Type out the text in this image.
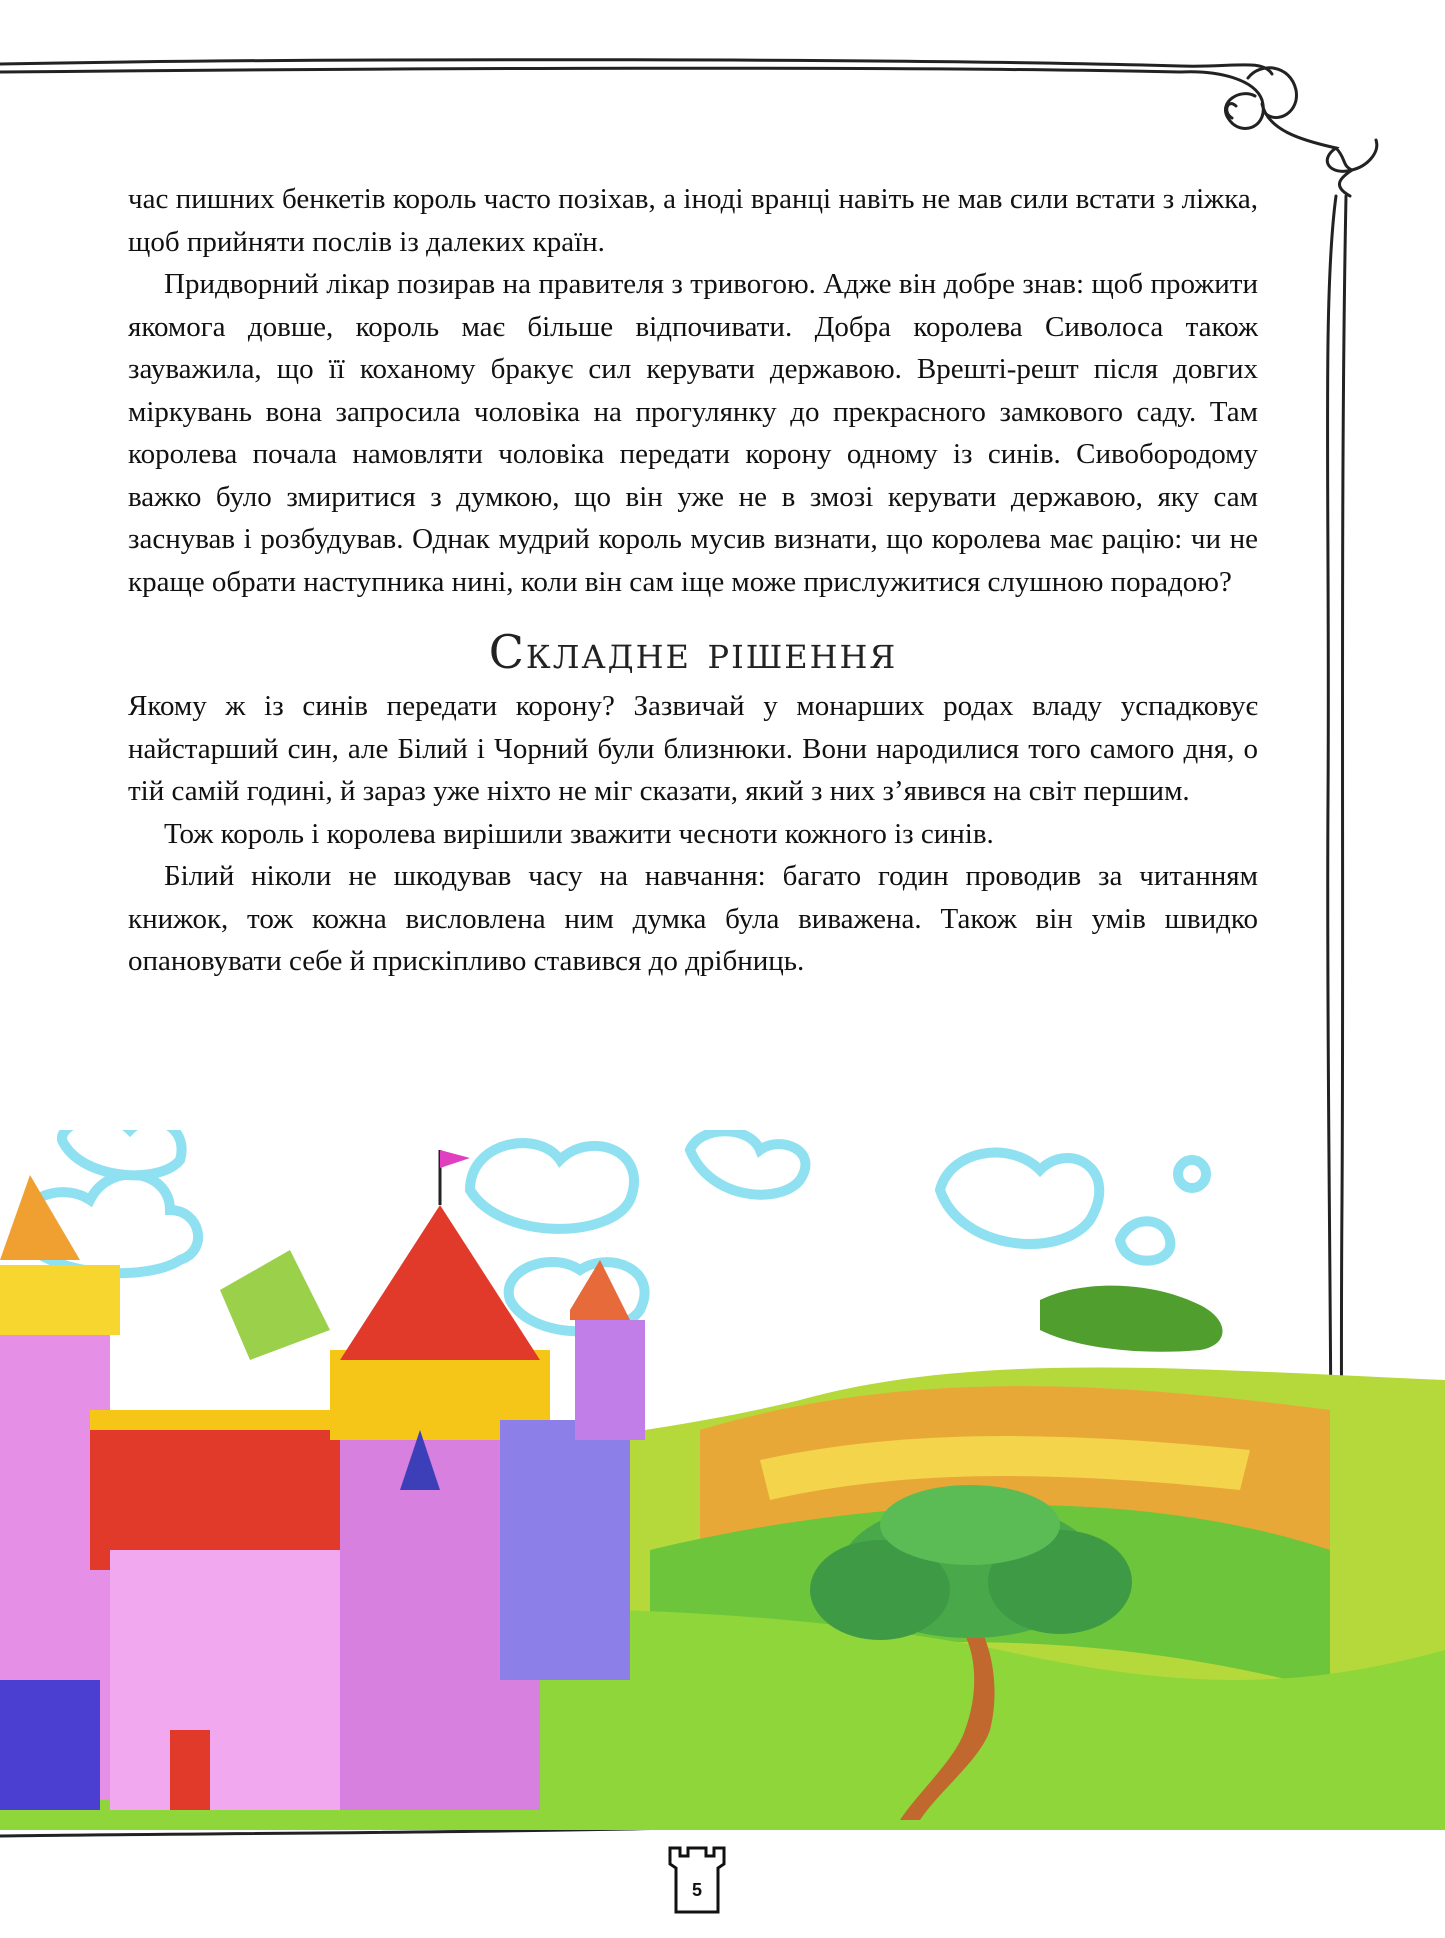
час пишних бенкетів король часто позіхав, а іноді вранці навіть не мав сили встати з ліжка, щоб прийняти послів із далеких країн.

Придворний лікар позирав на правителя з тривогою. Адже він добре знав: щоб прожити якомога довше, король має більше відпочивати. Добра королева Сиволоса також зауважила, що її коханому бракує сил керувати державою. Врешті-решт після довгих міркувань вона запросила чоловіка на прогулянку до прекрасного замкового саду. Там королева почала намовляти чоловіка передати корону одному із синів. Сивобородому важко було змиритися з думкою, що він уже не в змозі керувати державою, яку сам заснував і розбудував. Однак мудрий король мусив визнати, що королева має рацію: чи не краще обрати наступника нині, коли він сам іще може прислужитися слушною порадою?

Складне рішення

Якому ж із синів передати корону? Зазвичай у монарших родах владу успадковує найстарший син, але Білий і Чорний були близнюки. Вони народилися того самого дня, о тій самій годині, й зараз уже ніхто не міг сказати, який з них з’явився на світ першим.

Тож король і королева вирішили зважити чесноти кожного із синів.

Білий ніколи не шкодував часу на навчання: багато годин проводив за читанням книжок, тож кожна висловлена ним думка була виважена. Також він умів швидко опановувати себе й прискіпливо ставився до дрібниць.

5
